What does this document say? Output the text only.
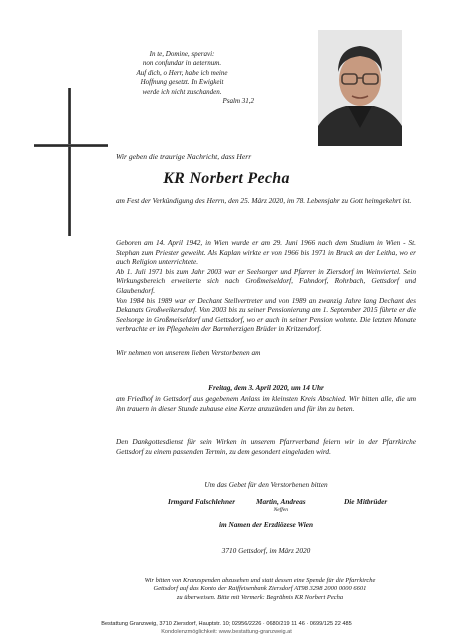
In te, Domine, speravi:

non confundar in aeternum.

Auf dich, o Herr, habe ich meine

Hoffnung gesetzt. In Ewigkeit

werde ich nicht zuschanden.

Psalm 31,2

Wir geben die traurige Nachricht, dass Herr
KR Norbert Pecha

am Fest der Verkündigung des Herrn, den 25. März 2020, im 78. Lebensjahr zu Gott heimgekehrt ist.

Geboren am 14. April 1942, in Wien wurde er am 29. Juni 1966 nach dem Studium in Wien - St. Stephan zum Priester geweiht. Als Kaplan wirkte er von 1966 bis 1971 in Bruck an der Leitha, wo er auch Religion unterrichtete.

Ab 1. Juli 1971 bis zum Jahr 2003 war er Seelsorger und Pfarrer in Ziersdorf im Weinviertel. Sein Wirkungsbereich erweiterte sich nach Großmeiseldorf, Fahndorf, Rohrbach, Gettsdorf und Glaubendorf.

Von 1984 bis 1989 war er Dechant Stellvertreter und von 1989 an zwanzig Jahre lang Dechant des Dekanats Großweikersdorf. Von 2003 bis zu seiner Pensionierung am 1. September 2015 führte er die Seelsorge in Großmeiseldorf und Gettsdorf, wo er auch in seiner Pension wohnte. Die letzten Monate verbrachte er im Pflegeheim der Barmherzigen Brüder in Kritzendorf.

Wir nehmen von unserem lieben Verstorbenen am

Freitag, dem 3. April 2020, um 14 Uhr

am Friedhof in Gettsdorf aus gegebenem Anlass im kleinsten Kreis Abschied. Wir bitten alle, die um ihn trauern in dieser Stunde zuhause eine Kerze anzuzünden und für ihn zu beten.

Den Dankgottesdienst für sein Wirken in unserem Pfarrverband feiern wir in der Pfarrkirche Gettsdorf zu einem passenden Termin, zu dem gesondert eingeladen wird.

Um das Gebet für den Verstorbenen bitten
Irmgard Falschlehner	Martin, Andreas
Neffen
Die Mitbrüder
im Namen der Erzdiözese Wien
3710 Gettsdorf, im März 2020

Wir bitten von Kranzspenden abzusehen und statt dessen eine Spende für die Pfarrkirche

Gettsdorf auf das Konto der Raiffeisenbank Ziersdorf AT98 3298 2000 0000 6601

zu überweisen. Bitte mit Vermerk: Begräbnis KR Norbert Pecha

Bestattung Granzweig, 3710 Ziersdorf, Hauptstr. 10; 02956/2226 · 0680/219 11 46 · 0699/125 22 485
Kondolenzmöglichkeit: www.bestattung-granzweig.at
